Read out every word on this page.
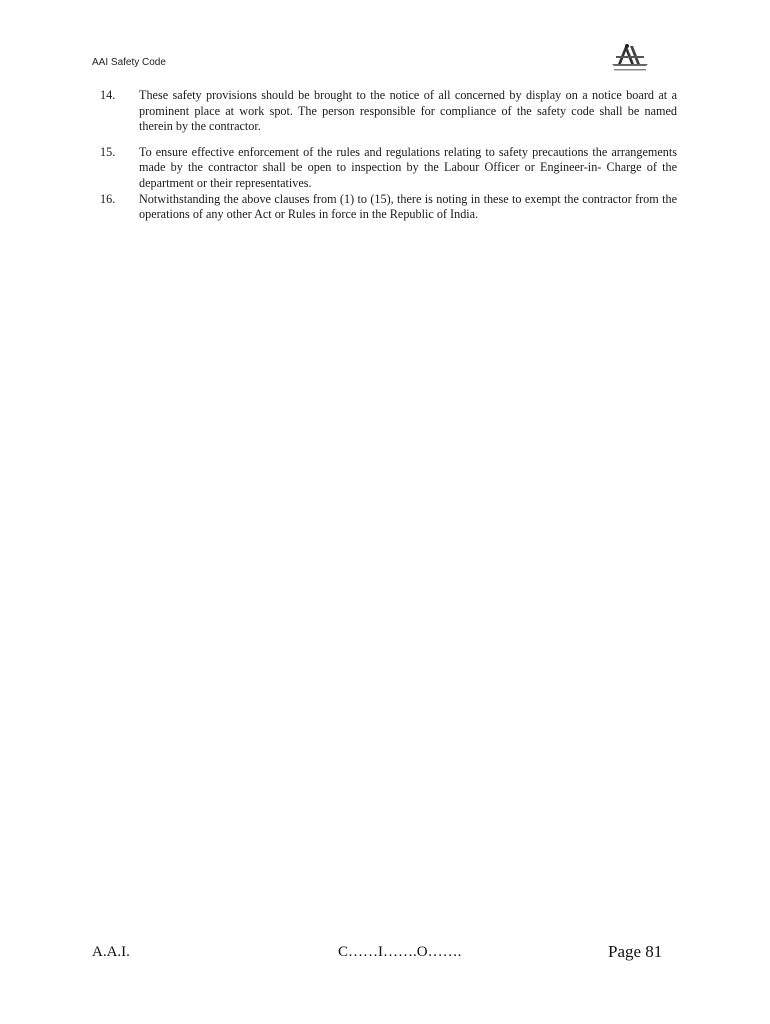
AAI Safety Code
14.	These safety provisions should be brought to the notice of all concerned by display on a notice board at a prominent place at work spot. The person responsible for compliance of the safety code shall be named therein by the contractor.
15.	To ensure effective enforcement of the rules and regulations relating to safety precautions the arrangements made by the contractor shall be open to inspection by the Labour Officer or Engineer-in- Charge of the department or their representatives.
16.	Notwithstanding the above clauses from (1) to (15), there is noting in these to exempt the contractor from the operations of any other Act or Rules in force in the Republic of India.
A.A.I.	C……I…….O…….	Page 81
